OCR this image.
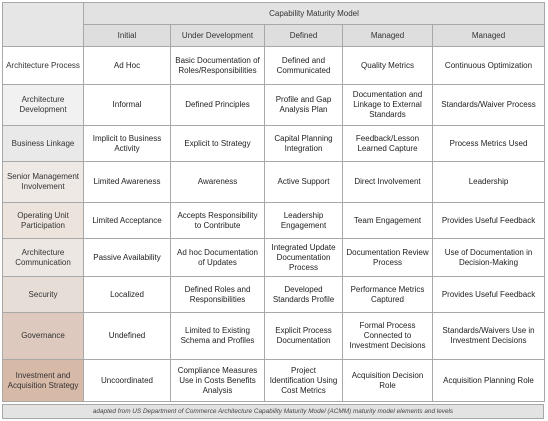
	Capability Maturity Model				
	Initial	Under Development	Defined	Managed	Managed
Architecture Process	Ad Hoc	Basic Documentation of Roles/Responsibilities	Defined and Communicated	Quality Metrics	Continuous Optimization
Architecture Development	Informal	Defined Principles	Profile and Gap Analysis Plan	Documentation and Linkage to External Standards	Standards/Waiver Process
Business Linkage	Implicit to Business Activity	Explicit to Strategy	Capital Planning Integration	Feedback/Lesson Learned Capture	Process Metrics Used
Senior Management Involvement	Limited Awareness	Awareness	Active Support	Direct Involvement	Leadership
Operating Unit Participation	Limited Acceptance	Accepts Responsibility to Contribute	Leadership Engagement	Team Engagement	Provides Useful Feedback
Architecture Communication	Passive Availability	Ad hoc Documentation of Updates	Integrated Update Documentation Process	Documentation Review Process	Use of Documentation in Decision-Making
Security	Localized	Defined Roles and Responsibilities	Developed Standards Profile	Performance Metrics Captured	Provides Useful Feedback
Governance	Undefined	Limited to Existing Schema and Profiles	Explicit Process Documentation	Formal Process Connected to Investment Decisions	Standards/Waivers Use in Investment Decisions
Investment and Acquisition Strategy	Uncoordinated	Compliance Measures Use in Costs Benefits Analysis	Project Identification Using Cost Metrics	Acquisition Decision Role	Acquisition Planning Role
adapted from US Department of Commerce Architecture Capability Maturity Model (ACMM) maturity model elements and levels
